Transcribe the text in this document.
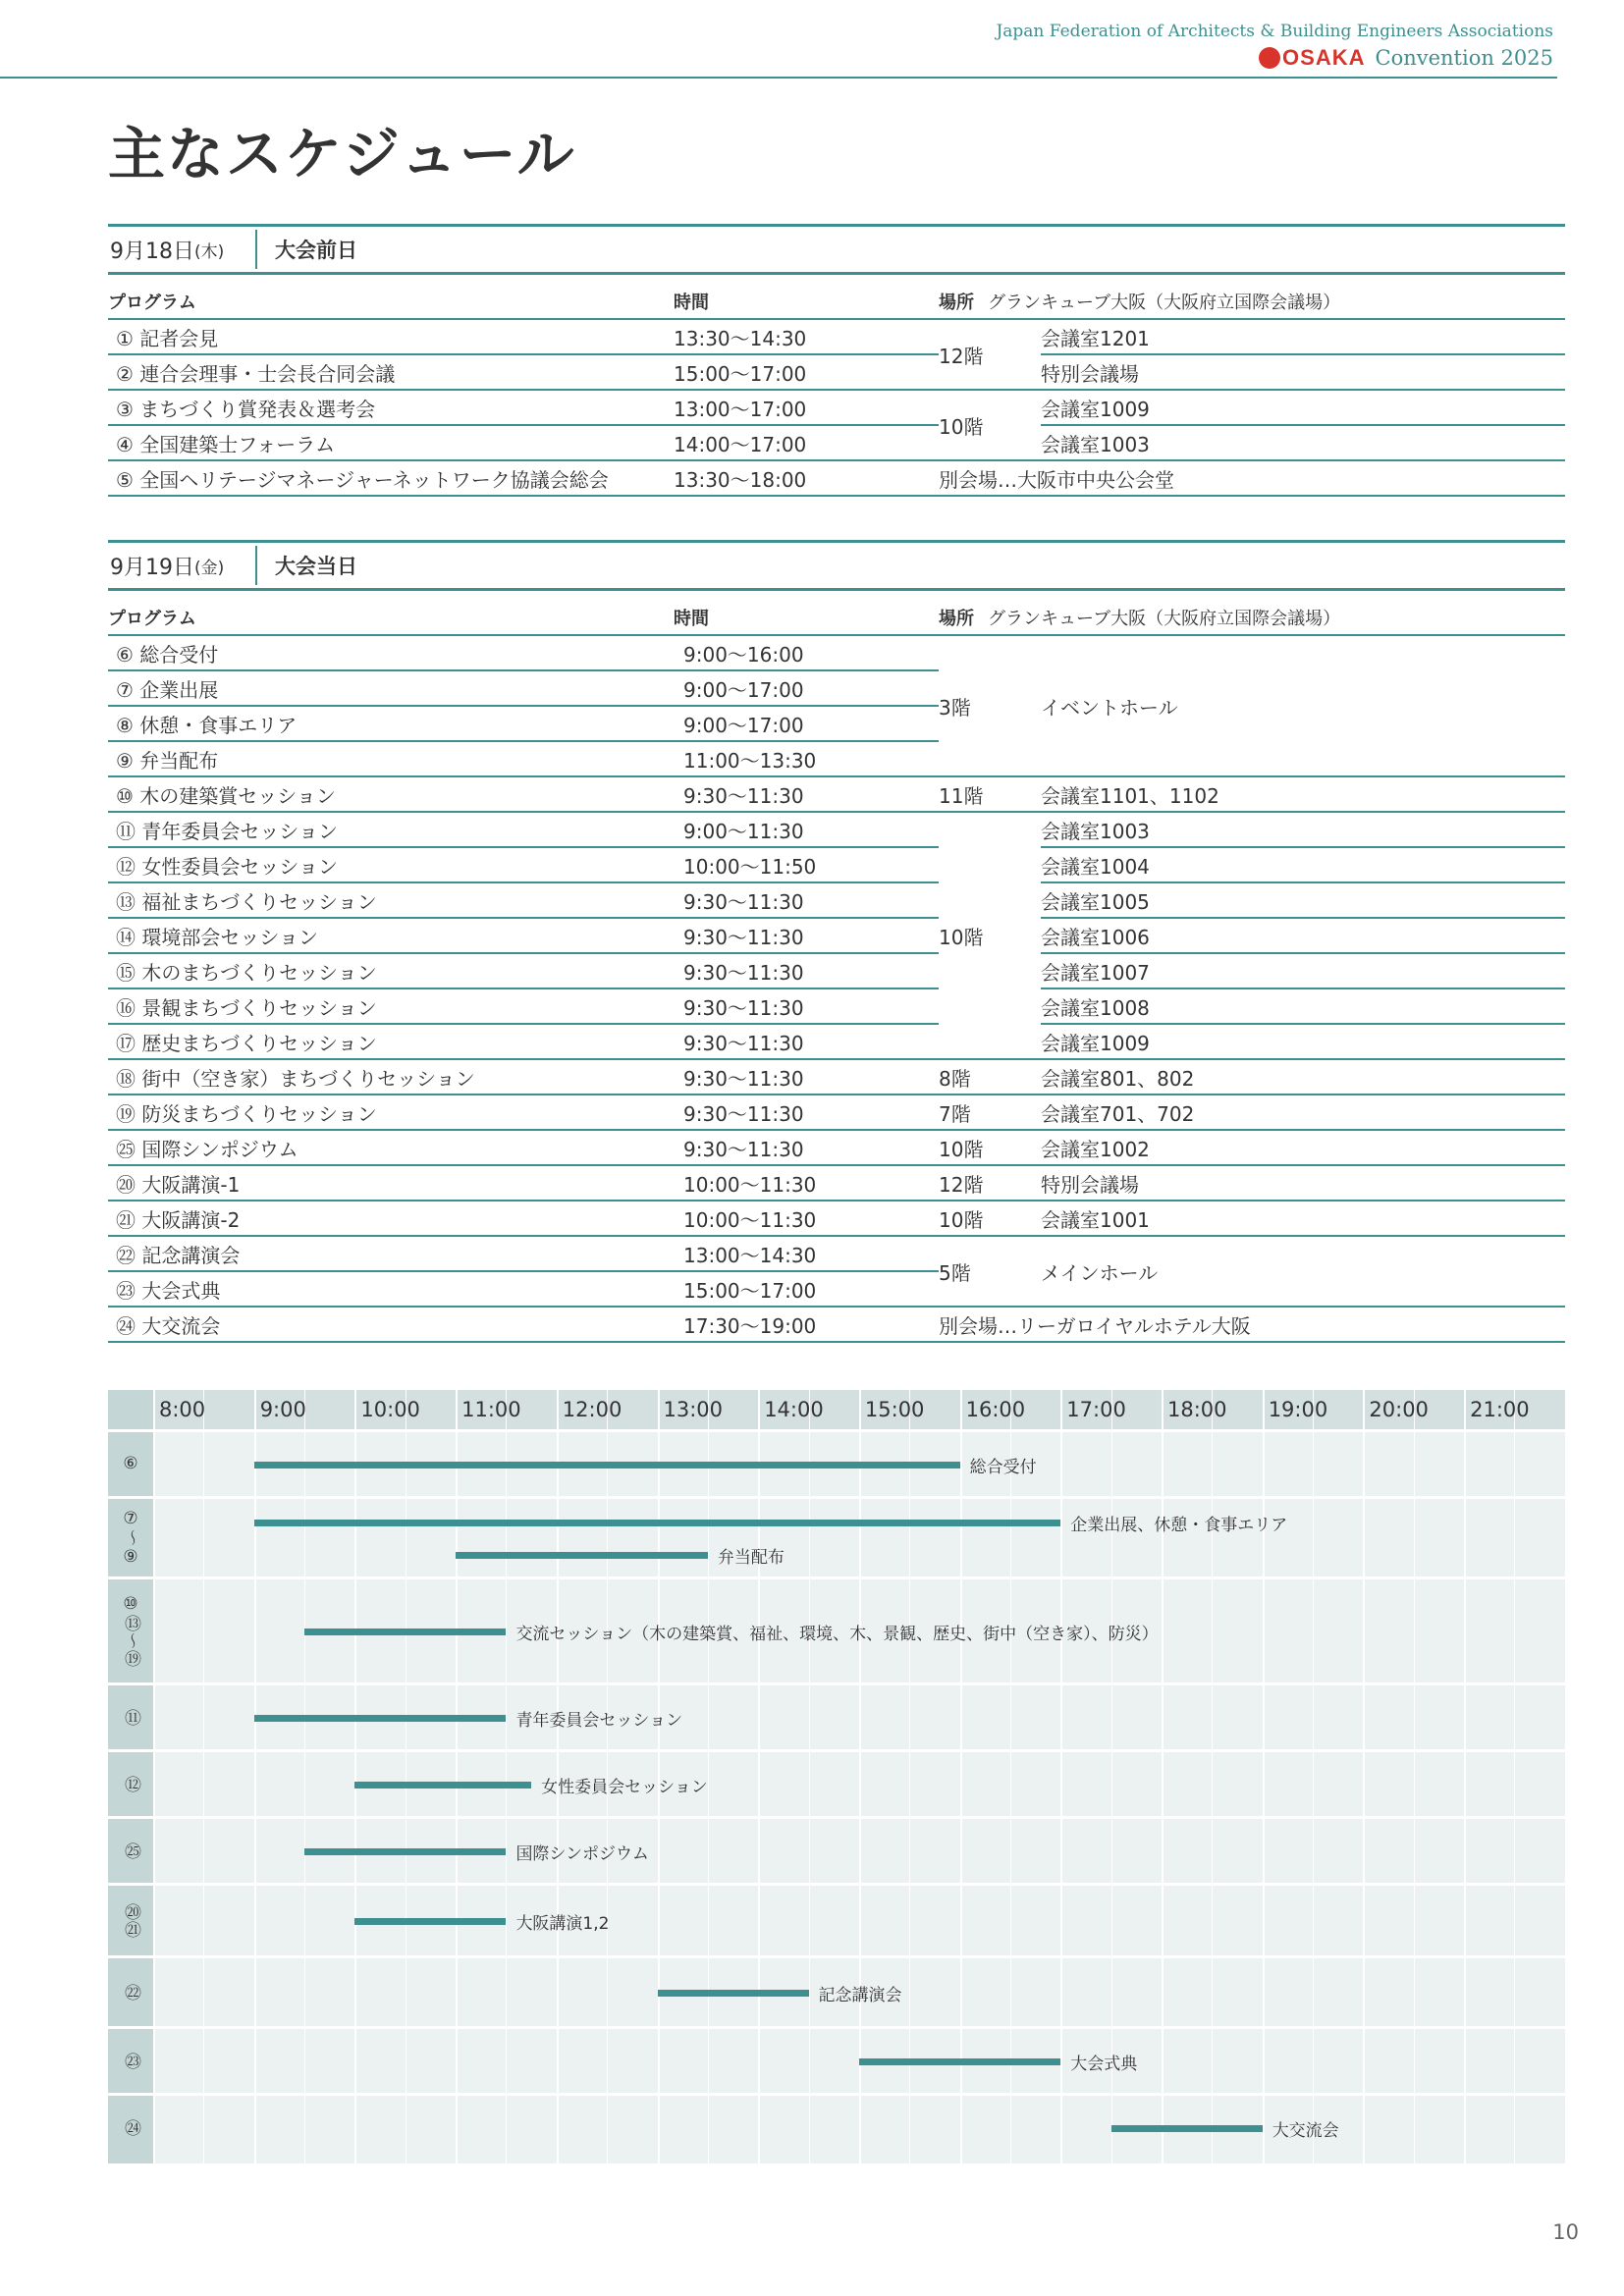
Japan Federation of Architects & Building Engineers Associations
OSAKA Convention 2025
主なスケジュール
9月18日 (木)	大会前日
プログラム	時間	場所 グランキューブ大阪（大阪府立国際会議場）	
① 記者会見	13:30〜14:30	12階	会議室1201
② 連合会理事・士会長合同会議	15:00〜17:00		特別会議場
③ まちづくり賞発表＆選考会	13:00〜17:00	10階	会議室1009
④ 全国建築士フォーラム	14:00〜17:00		会議室1003
⑤ 全国ヘリテージマネージャーネットワーク協議会総会	13:30〜18:00	別会場…大阪市中央公会堂	
9月19日 (金)	大会当日
プログラム	時間	場所 グランキューブ大阪（大阪府立国際会議場）	
⑥ 総合受付	9:00〜16:00	3階	イベントホール
⑦ 企業出展	9:00〜17:00		
⑧ 休憩・食事エリア	9:00〜17:00		
⑨ 弁当配布	11:00〜13:30		
⑩ 木の建築賞セッション	9:30〜11:30	11階	会議室1101、1102
⑪ 青年委員会セッション	9:00〜11:30	10階	会議室1003
⑫ 女性委員会セッション	10:00〜11:50		会議室1004
⑬ 福祉まちづくりセッション	9:30〜11:30		会議室1005
⑭ 環境部会セッション	9:30〜11:30		会議室1006
⑮ 木のまちづくりセッション	9:30〜11:30		会議室1007
⑯ 景観まちづくりセッション	9:30〜11:30		会議室1008
⑰ 歴史まちづくりセッション	9:30〜11:30		会議室1009
⑱ 街中（空き家）まちづくりセッション	9:30〜11:30	8階	会議室801、802
⑲ 防災まちづくりセッション	9:30〜11:30	7階	会議室701、702
㉕ 国際シンポジウム	9:30〜11:30	10階	会議室1002
⑳ 大阪講演-1	10:00〜11:30	12階	特別会議場
㉑ 大阪講演-2	10:00〜11:30	10階	会議室1001
㉒ 記念講演会	13:00〜14:30	5階	メインホール
㉓ 大会式典	15:00〜17:00		
㉔ 大交流会	17:30〜19:00	別会場…リーガロイヤルホテル大阪	
8:00	9:00	10:00 11:00 12:00 13:00 14:00 15:00 16:00 17:00 18:00 19:00 20:00 21:00
⑥	総合受付
⑦〜⑨	企業出展、休憩・食事エリア
弁当配布
⑩⑬〜⑲	交流セッション（木の建築賞、福祉、環境、木、景観、歴史、街中（空き家）、防災）
⑪	青年委員会セッション
⑫	女性委員会セッション
㉕	国際シンポジウム
⑳㉑	大阪講演1,2
㉒	記念講演会
㉓	大会式典
㉔	大交流会
10
